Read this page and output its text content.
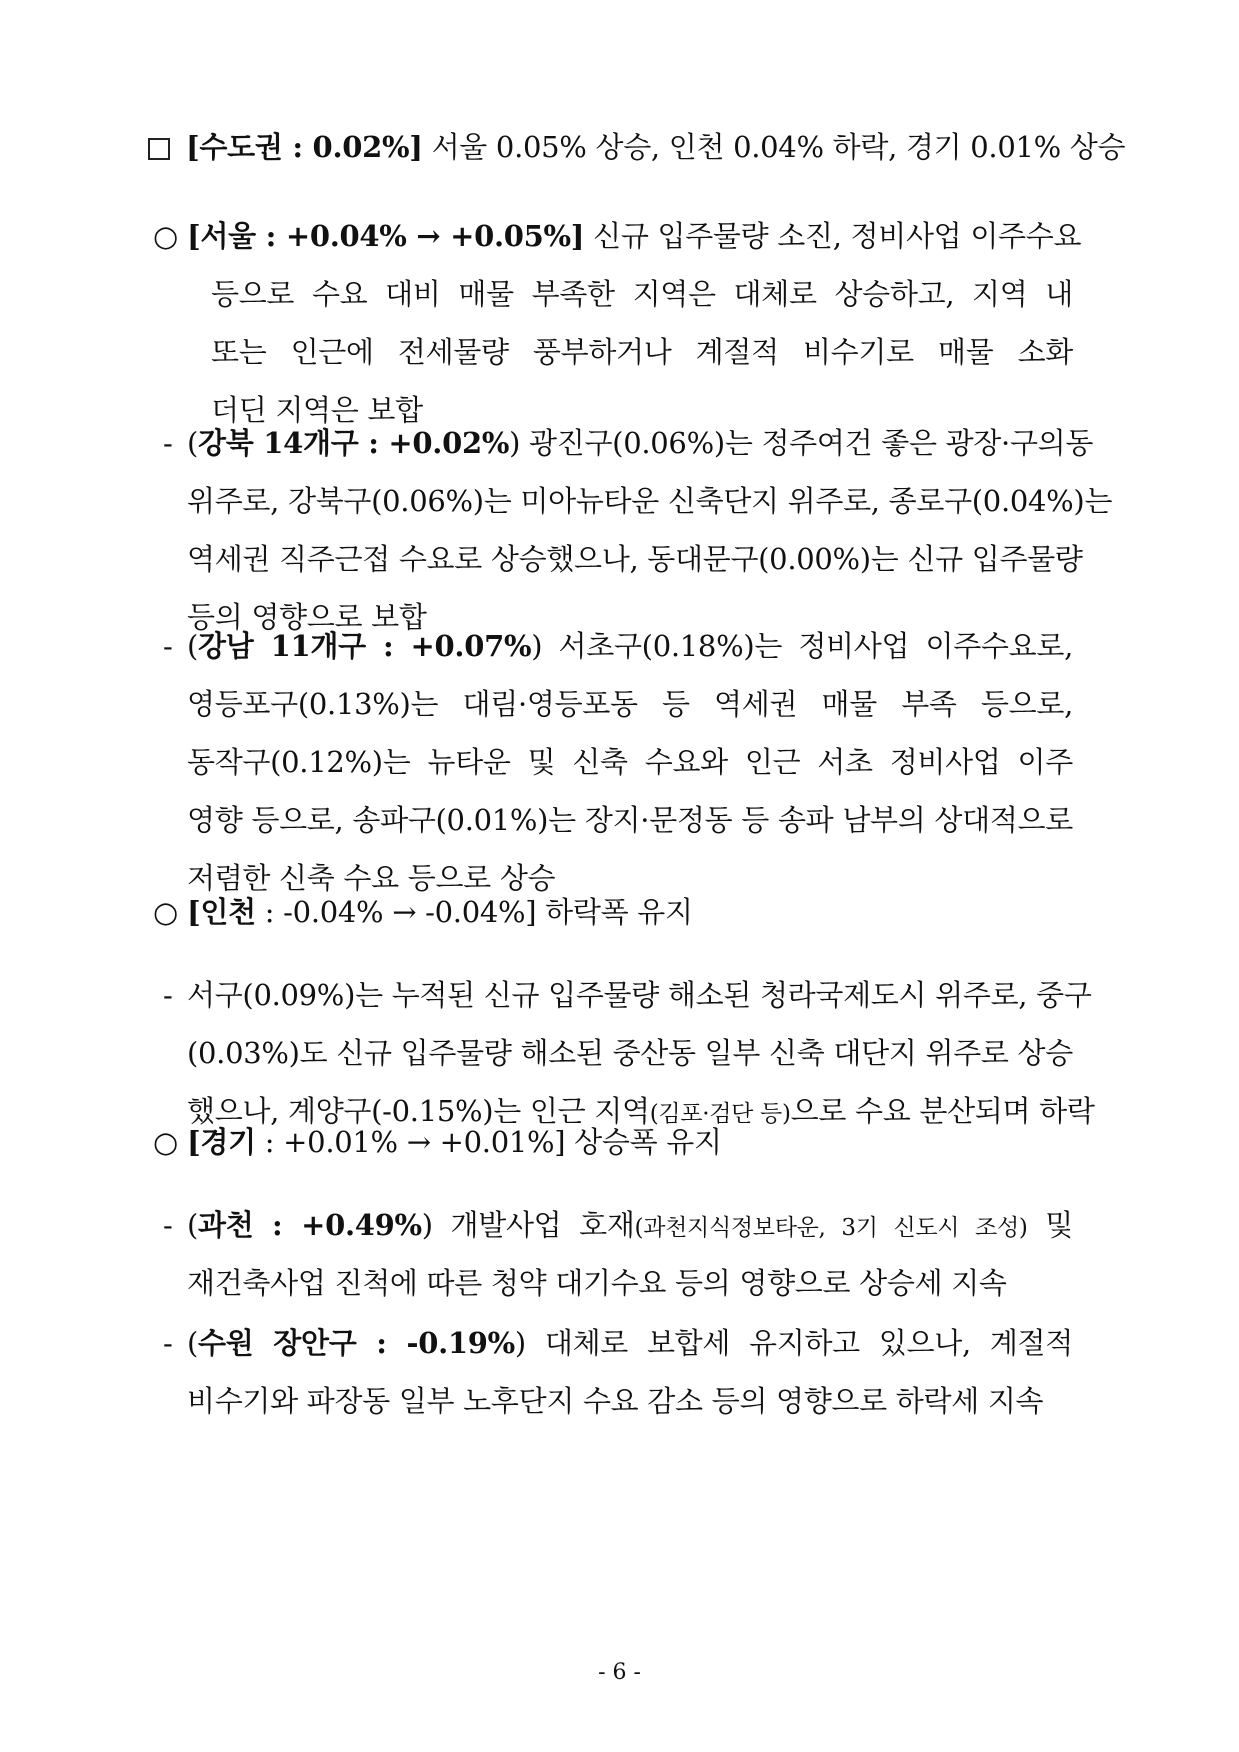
[수도권 : 0.02%] 서울 0.05% 상승, 인천 0.04% 하락, 경기 0.01% 상승
○ [서울 : +0.04% → +0.05%] 신규 입주물량 소진, 정비사업 이주수요
등으로 수요 대비 매물 부족한 지역은 대체로 상승하고, 지역 내
또는 인근에 전세물량 풍부하거나 계절적 비수기로 매물 소화
더딘 지역은 보합
- (강북 14개구 : +0.02%) 광진구(0.06%)는 정주여건 좋은 광장·구의동
위주로, 강북구(0.06%)는 미아뉴타운 신축단지 위주로, 종로구(0.04%)는
역세권 직주근접 수요로 상승했으나, 동대문구(0.00%)는 신규 입주물량
등의 영향으로 보합
- (강남 11개구 : +0.07%) 서초구(0.18%)는 정비사업 이주수요로,
영등포구(0.13%)는 대림·영등포동 등 역세권 매물 부족 등으로,
동작구(0.12%)는 뉴타운 및 신축 수요와 인근 서초 정비사업 이주
영향 등으로, 송파구(0.01%)는 장지·문정동 등 송파 남부의 상대적으로
저렴한 신축 수요 등으로 상승
○ [인천 : -0.04% → -0.04%] 하락폭 유지
- 서구(0.09%)는 누적된 신규 입주물량 해소된 청라국제도시 위주로, 중구
(0.03%)도 신규 입주물량 해소된 중산동 일부 신축 대단지 위주로 상승
했으나, 계양구(-0.15%)는 인근 지역(김포·검단 등)으로 수요 분산되며 하락
○ [경기 : +0.01% → +0.01%] 상승폭 유지
- (과천 : +0.49%) 개발사업 호재(과천지식정보타운, 3기 신도시 조성) 및
재건축사업 진척에 따른 청약 대기수요 등의 영향으로 상승세 지속
- (수원 장안구 : -0.19%) 대체로 보합세 유지하고 있으나, 계절적
비수기와 파장동 일부 노후단지 수요 감소 등의 영향으로 하락세 지속
- 6 -
